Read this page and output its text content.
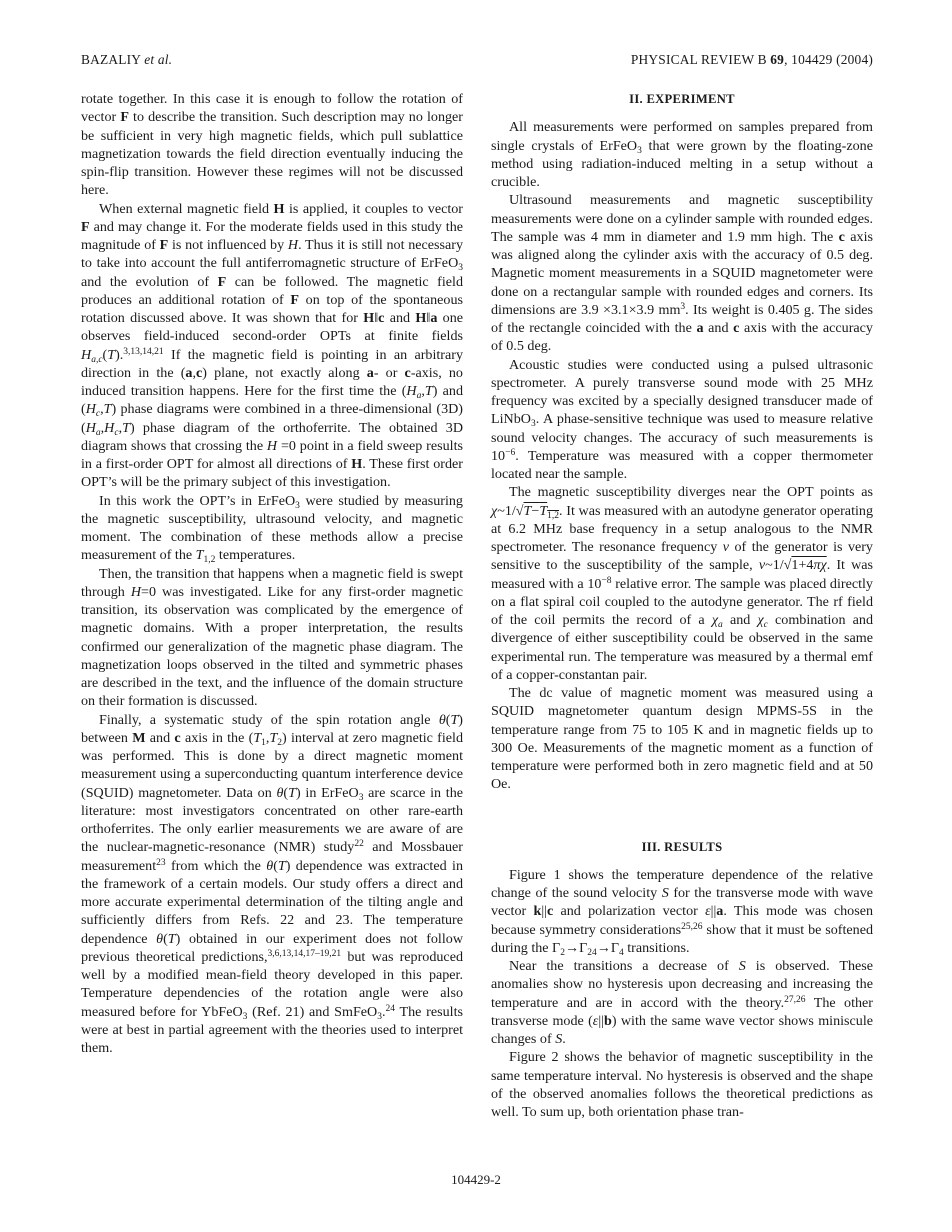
BAZALIY et al.	PHYSICAL REVIEW B 69, 104429 (2004)

rotate together. In this case it is enough to follow the rotation of vector F to describe the transition. Such description may no longer be sufficient in very high magnetic fields, which pull sublattice magnetization towards the field direction eventually inducing the spin-flip transition. However these regimes will not be discussed here.

When external magnetic field H is applied, it couples to vector F and may change it. For the moderate fields used in this study the magnitude of F is not influenced by H. Thus it is still not necessary to take into account the full antiferromagnetic structure of ErFeO$_3$ and the evolution of F can be followed. The magnetic field produces an additional rotation of F on top of the spontaneous rotation discussed above. It was shown that for H‖c and H‖a one observes field-induced second-order OPTs at finite fields $H_{a,c}(T).^{3,13,14,21}$ If the magnetic field is pointing in an arbitrary direction in the (a,c) plane, not exactly along a- or c-axis, no induced transition happens. Here for the first time the $(H_a,T)$ and $(H_c,T)$ phase diagrams were combined in a three-dimensional (3D) $(H_a,H_c,T)$ phase diagram of the orthoferrite. The obtained 3D diagram shows that crossing the H =0 point in a field sweep results in a first-order OPT for almost all directions of H. These first order OPT’s will be the primary subject of this investigation.

In this work the OPT’s in ErFeO$_3$ were studied by measuring the magnetic susceptibility, ultrasound velocity, and magnetic moment. The combination of these methods allow a precise measurement of the $T_{1,2}$ temperatures.

Then, the transition that happens when a magnetic field is swept through H=0 was investigated. Like for any first-order magnetic transition, its observation was complicated by the emergence of magnetic domains. With a proper interpretation, the results confirmed our generalization of the magnetic phase diagram. The magnetization loops observed in the tilted and symmetric phases are described in the text, and the influence of the domain structure on their formation is discussed.

Finally, a systematic study of the spin rotation angle θ(T) between M and c axis in the $(T_1,T_2)$ interval at zero magnetic field was performed. This is done by a direct magnetic moment measurement using a superconducting quantum interference device (SQUID) magnetometer. Data on θ(T) in ErFeO$_3$ are scarce in the literature: most investigators concentrated on other rare-earth orthoferrites. The only earlier measurements we are aware of are the nuclear-magnetic-resonance (NMR) study$^{22}$ and Mossbauer measurement$^{23}$ from which the θ(T) dependence was extracted in the framework of a certain models. Our study offers a direct and more accurate experimental determination of the tilting angle and sufficiently differs from Refs. 22 and 23. The temperature dependence θ(T) obtained in our experiment does not follow previous theoretical predictions,$^{3,6,13,14,17-19,21}$ but was reproduced well by a modified mean-field theory developed in this paper. Temperature dependencies of the rotation angle were also measured before for YbFeO$_3$ (Ref. 21) and SmFeO$_3$.$^{24}$ The results were at best in partial agreement with the theories used to interpret them.

II. EXPERIMENT

All measurements were performed on samples prepared from single crystals of ErFeO$_3$ that were grown by the floating-zone method using radiation-induced melting in a setup without a crucible.

Ultrasound measurements and magnetic susceptibility measurements were done on a cylinder sample with rounded edges. The sample was 4 mm in diameter and 1.9 mm high. The c axis was aligned along the cylinder axis with the accuracy of 0.5 deg. Magnetic moment measurements in a SQUID magnetometer were done on a rectangular sample with rounded edges and corners. Its dimensions are 3.9 ×3.1×3.9 $mm^3$. Its weight is 0.405 g. The sides of the rectangle coincided with the a and c axis with the accuracy of 0.5 deg.

Acoustic studies were conducted using a pulsed ultrasonic spectrometer. A purely transverse sound mode with 25 MHz frequency was excited by a specially designed transducer made of LiNbO$_3$. A phase-sensitive technique was used to measure relative sound velocity changes. The accuracy of such measurements is $10^{-6}$. Temperature was measured with a copper thermometer located near the sample.

The magnetic susceptibility diverges near the OPT points as $\chi\sim 1/√T-T_{1,2}$. It was measured with an autodyne generator operating at 6.2 MHz base frequency in a setup analogous to the NMR spectrometer. The resonance frequency ν of the generator is very sensitive to the susceptibility of the sample, ν~1/√1+4πχ. It was measured with a $10^{-8}$ relative error. The sample was placed directly on a flat spiral coil coupled to the autodyne generator. The rf field of the coil permits the record of a $\chi_a$ and $\chi_c$ combination and divergence of either susceptibility could be observed in the same experimental run. The temperature was measured by a thermal emf of a copper-constantan pair.

The dc value of magnetic moment was measured using a SQUID magnetometer quantum design MPMS-5S in the temperature range from 75 to 105 K and in magnetic fields up to 300 Oe. Measurements of the magnetic moment as a function of temperature were performed both in zero magnetic field and at 50 Oe.

III. RESULTS

Figure 1 shows the temperature dependence of the relative change of the sound velocity S for the transverse mode with wave vector k||c and polarization vector ε||a. This mode was chosen because symmetry considerations$^{25,26}$ show that it must be softened during the $\Gamma_2\to\Gamma_{24}\to\Gamma_4$ transitions.

Near the transitions a decrease of S is observed. These anomalies show no hysteresis upon decreasing and increasing the temperature and are in accord with the theory.$^{27,26}$ The other transverse mode (ε||b) with the same wave vector shows miniscule changes of S.

Figure 2 shows the behavior of magnetic susceptibility in the same temperature interval. No hysteresis is observed and the shape of the observed anomalies follows the theoretical predictions as well. To sum up, both orientation phase tran-

104429-2
